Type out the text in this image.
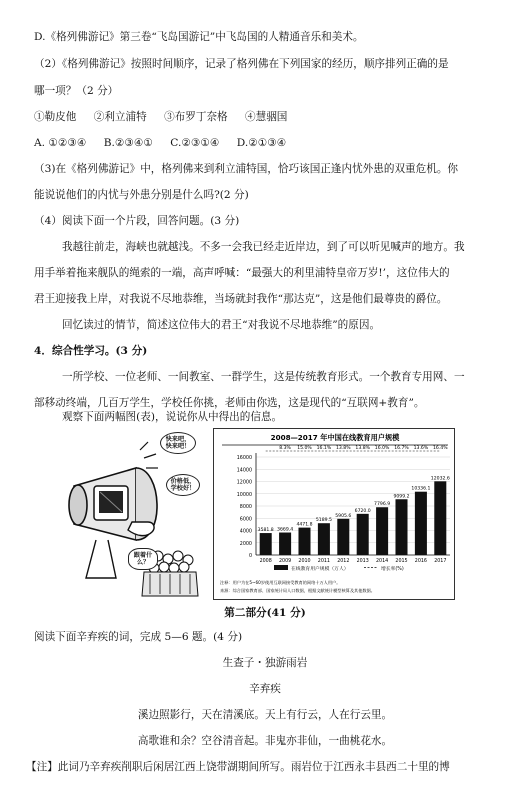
D.《格列佛游记》第三卷“飞岛国游记”中飞岛国的人精通音乐和美术。
（2）《格列佛游记》按照时间顺序，记录了格列佛在下列国家的经历，顺序排列正确的是
哪一项？（2 分）
①勒皮他 ②利立浦特 ③布罗丁奈格 ④慧骃国
A. ①②③④ B.②③④① C.②③①④ D.②①③④
（3)在《格列佛游记》中，格列佛来到利立浦特国，恰巧该国正逢内忧外患的双重危机。你
能说说他们的内忧与外患分别是什么吗?(2 分)
（4）阅读下面一个片段，回答问题。(3 分)
我越往前走，海峡也就越浅。不多一会我已经走近岸边，到了可以听见喊声的地方。我
用手举着拖来舰队的绳索的一端，高声呼喊：“最强大的利里浦特皇帝万岁!’，这位伟大的
君王迎接我上岸，对我说不尽地恭维，当场就封我作“那达克”，这是他们最尊贵的爵位。
回忆读过的情节，简述这位伟大的君王“对我说不尽地恭维”的原因。
4．综合性学习。(3 分)
一所学校、一位老师、一间教室、一群学生，这是传统教育形式。一个教育专用网、一
部移动终端，几百万学生，学校任你挑，老师由你选，这是现代的“互联网+教育”。
观察下面两幅图(表)，说说你从中得出的信息。
快来吧，快来吧！
价格低，学校好！
跟着什么？
2008—2017 年中国在线教育用户规模
0
2000
4000
6000
8000
10000
12000
14000
16000
3581.8
2008
3669.4
2009
4471.8
2010
5189.5
2011
5905.6
2012
6720.0
2013
7796.9
2014
9099.2
2015
10336.1
2016
12032.6
2017
8.3% 15.0% 16.1% 13.8% 13.8% 16.0% 16.7% 13.6% 16.4%
在线教育用户规模（万人）	增长率(%)
注释：用户为在5~60岁使用互联网接受教育的网络十万人用户。
来源：综合国家教育部、国家统计局人口数据，根据文献统计模型核算及其他数据。
第二部分(41 分)
阅读下面辛弃疾的词，完成 5—6 题。(4 分)
生查子・独游雨岩
辛弃疾
溪边照影行，天在清溪底。天上有行云，人在行云里。
高歌谁和余？空谷清音起。非鬼亦非仙，一曲桃花水。
【注】此词乃辛弃疾削职后闲居江西上饶带湖期间所写。雨岩位于江西永丰县西二十里的博
